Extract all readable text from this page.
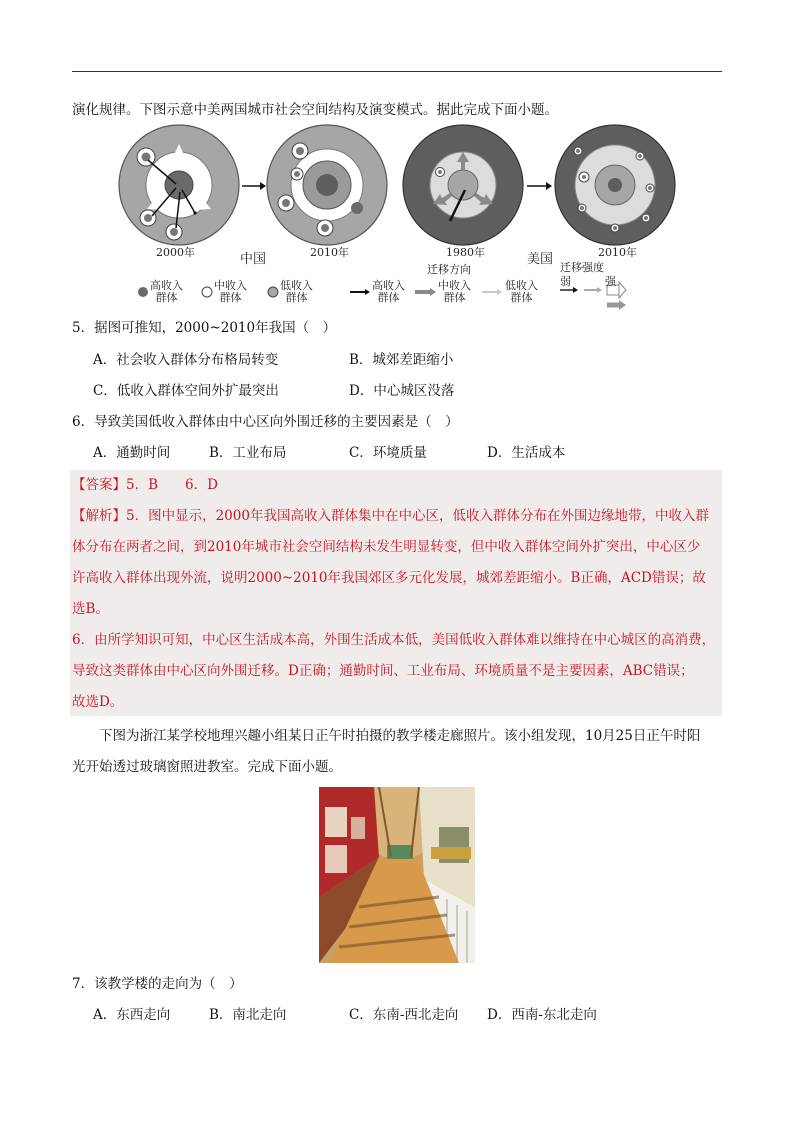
演化规律。下图示意中美两国城市社会空间结构及演变模式。据此完成下面小题。
2000年	中国	2010年	1980年	美国	2010年
迁移方向	迁移强度
弱	强
高收入
群体
中收入
群体
低收入
群体
高收入
群体
中收入
群体
低收入
群体
5．据图可推知，2000~2010年我国（　）
A．社会收入群体分布格局转变	B．城郊差距缩小
C．低收入群体空间外扩最突出	D．中心城区没落
6．导致美国低收入群体由中心区向外围迁移的主要因素是（　）
A．通勤时间	B．工业布局	C．环境质量	D．生活成本
【答案】5．B　　6．D
【解析】5．图中显示，2000年我国高收入群体集中在中心区，低收入群体分布在外围边缘地带，中收入群
体分布在两者之间，到2010年城市社会空间结构未发生明显转变，但中收入群体空间外扩突出，中心区少
许高收入群体出现外流，说明2000~2010年我国郊区多元化发展，城郊差距缩小。B正确，ACD错误；故
选B。
6．由所学知识可知，中心区生活成本高，外围生活成本低，美国低收入群体难以维持在中心城区的高消费，
导致这类群体由中心区向外围迁移。D正确；通勤时间、工业布局、环境质量不是主要因素，ABC错误；
故选D。
　　下图为浙江某学校地理兴趣小组某日正午时拍摄的教学楼走廊照片。该小组发现，10月25日正午时阳
光开始透过玻璃窗照进教室。完成下面小题。
7．该教学楼的走向为（　）
A．东西走向	B．南北走向	C．东南-西北走向 D．西南-东北走向
